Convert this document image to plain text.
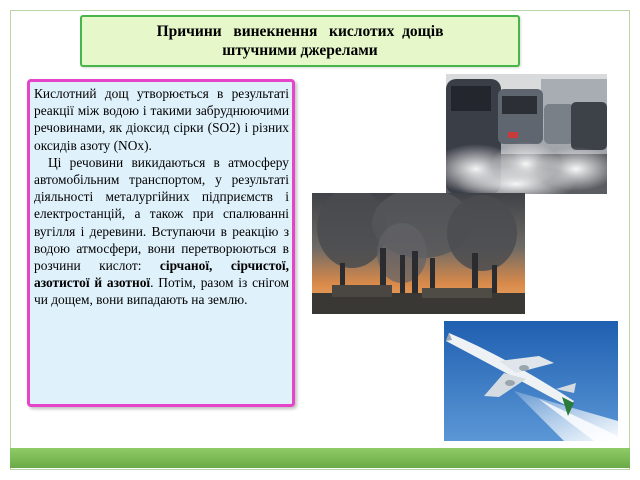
Причини   винекнення   кислотих  дощів
штучними джерелами

Кислотний дощ утворюється в результаті реакції між водою і такими забруднюючими речовинами, як діоксид сірки (SO2) і різних оксидів азоту (NOx).

Ці речовини викидаються в атмосферу автомобільним транспортом, у результаті діяльності металургійних підприємств і електростанцій, а також при спалюванні вугілля і деревини. Вступаючи в реакцію з водою атмосфери, вони перетворюються в розчини кислот: сірчаної, сірчистої, азотистої й азотної. Потім, разом із снігом чи дощем, вони випадають на землю.
